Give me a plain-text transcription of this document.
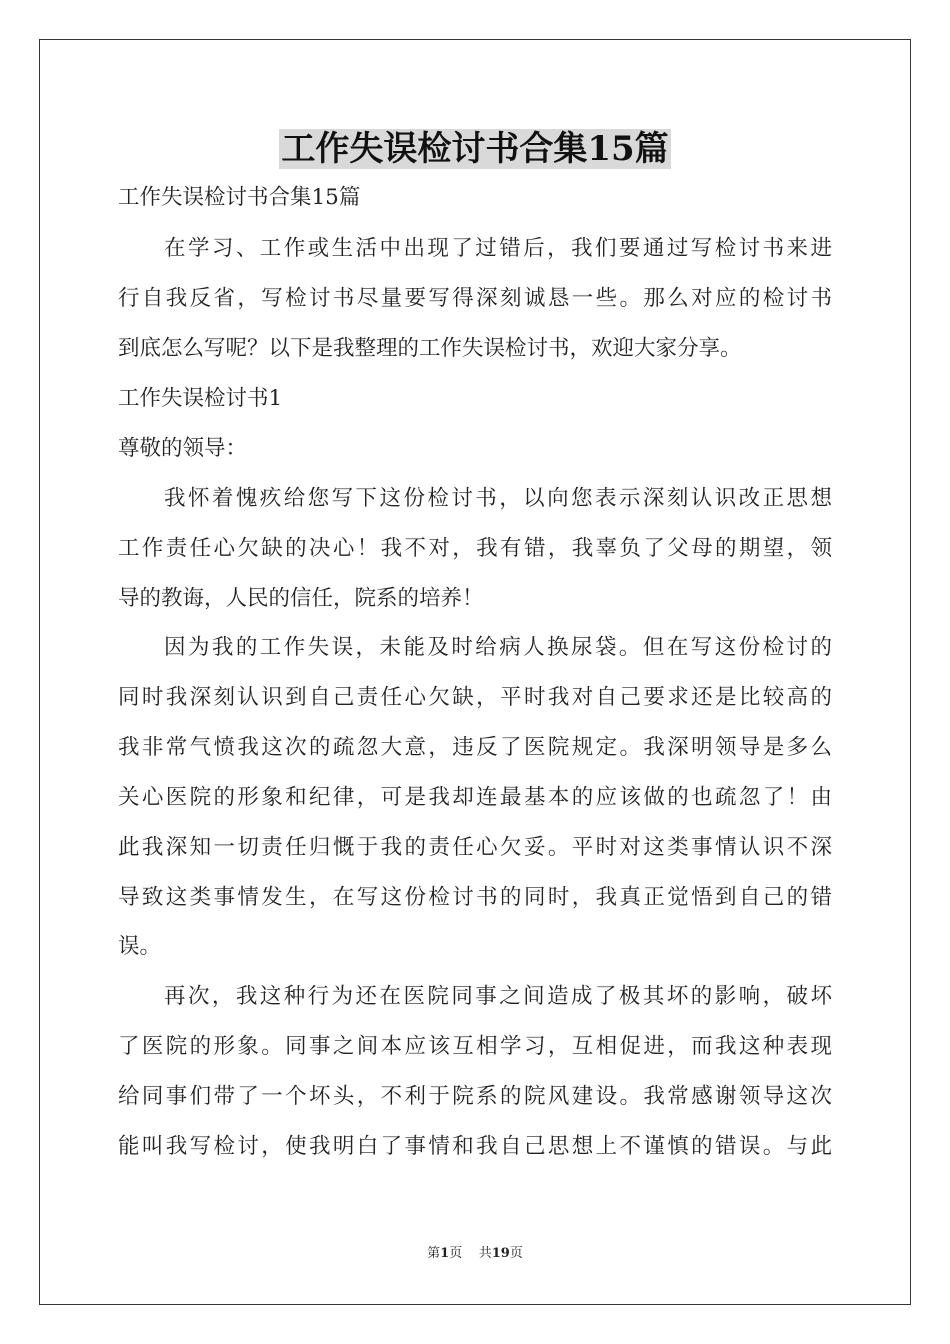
工作失误检讨书合集15篇

工作失误检讨书合集15篇

在学习、工作或生活中出现了过错后，我们要通过写检讨书来进

行自我反省，写检讨书尽量要写得深刻诚恳一些。那么对应的检讨书

到底怎么写呢？以下是我整理的工作失误检讨书，欢迎大家分享。

工作失误检讨书1

尊敬的领导：

我怀着愧疚给您写下这份检讨书，以向您表示深刻认识改正思想

工作责任心欠缺的决心！我不对，我有错，我辜负了父母的期望，领

导的教诲，人民的信任，院系的培养！

因为我的工作失误，未能及时给病人换尿袋。但在写这份检讨的

同时我深刻认识到自己责任心欠缺，平时我对自己要求还是比较高的

我非常气愤我这次的疏忽大意，违反了医院规定。我深明领导是多么

关心医院的形象和纪律，可是我却连最基本的应该做的也疏忽了！由

此我深知一切责任归慨于我的责任心欠妥。平时对这类事情认识不深

导致这类事情发生，在写这份检讨书的同时，我真正觉悟到自己的错

误。

再次，我这种行为还在医院同事之间造成了极其坏的影响，破坏

了医院的形象。同事之间本应该互相学习，互相促进，而我这种表现

给同事们带了一个坏头，不利于院系的院风建设。我常感谢领导这次

能叫我写检讨，使我明白了事情和我自己思想上不谨慎的错误。与此

第1页 共19页
